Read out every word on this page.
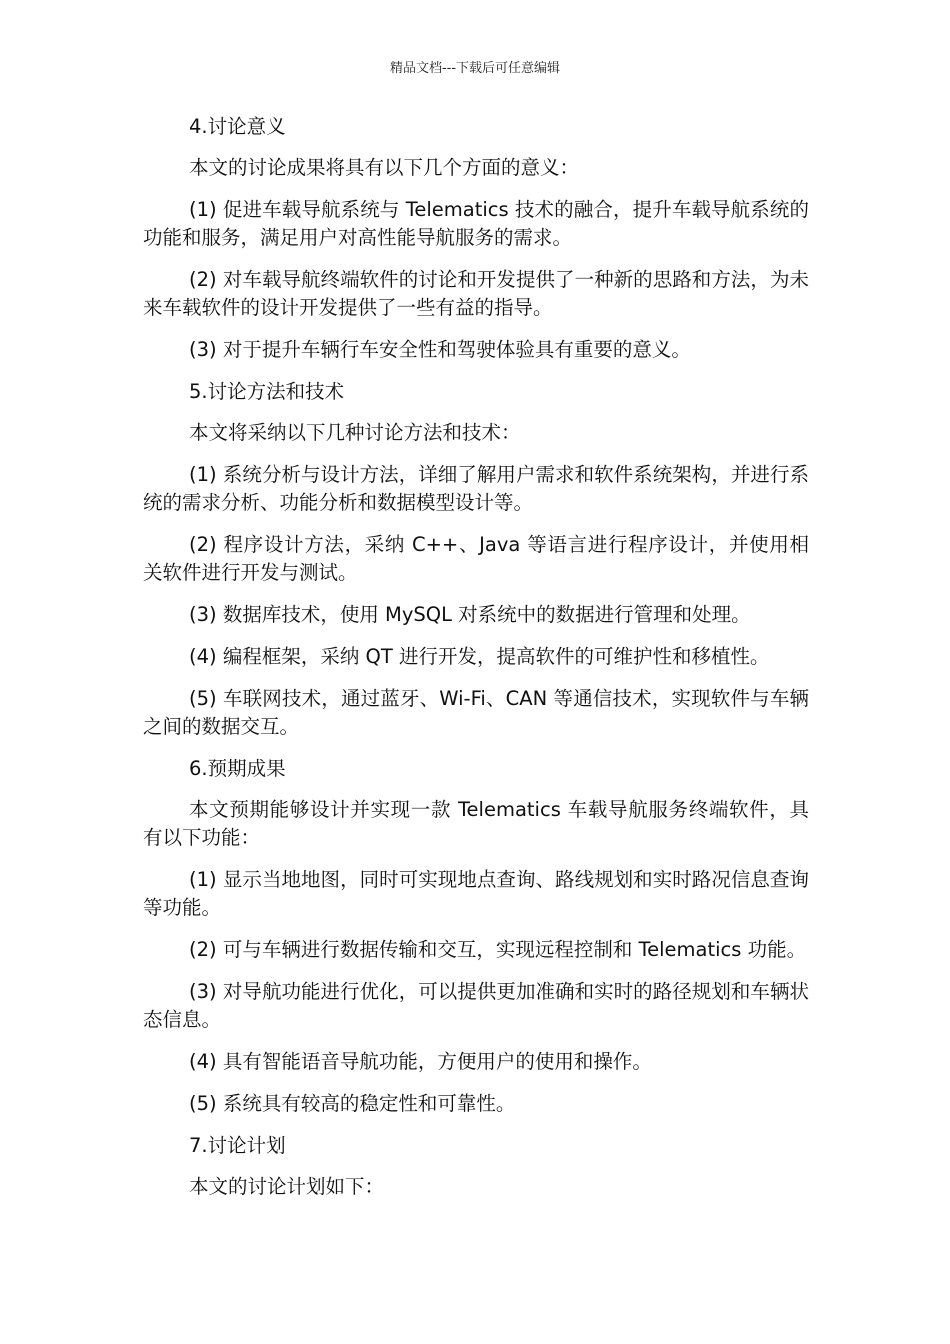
精品文档---下载后可任意编辑
4.讨论意义
本文的讨论成果将具有以下几个方面的意义：
(1) 促进车载导航系统与 Telematics 技术的融合，提升车载导航系统的功能和服务，满足用户对高性能导航服务的需求。
(2) 对车载导航终端软件的讨论和开发提供了一种新的思路和方法，为未来车载软件的设计开发提供了一些有益的指导。
(3) 对于提升车辆行车安全性和驾驶体验具有重要的意义。
5.讨论方法和技术
本文将采纳以下几种讨论方法和技术：
(1) 系统分析与设计方法，详细了解用户需求和软件系统架构，并进行系统的需求分析、功能分析和数据模型设计等。
(2) 程序设计方法，采纳 C++、Java 等语言进行程序设计，并使用相关软件进行开发与测试。
(3) 数据库技术，使用 MySQL 对系统中的数据进行管理和处理。
(4) 编程框架，采纳 QT 进行开发，提高软件的可维护性和移植性。
(5) 车联网技术，通过蓝牙、Wi-Fi、CAN 等通信技术，实现软件与车辆之间的数据交互。
6.预期成果
本文预期能够设计并实现一款 Telematics 车载导航服务终端软件，具有以下功能：
(1) 显示当地地图，同时可实现地点查询、路线规划和实时路况信息查询等功能。
(2) 可与车辆进行数据传输和交互，实现远程控制和 Telematics 功能。
(3) 对导航功能进行优化，可以提供更加准确和实时的路径规划和车辆状态信息。
(4) 具有智能语音导航功能，方便用户的使用和操作。
(5) 系统具有较高的稳定性和可靠性。
7.讨论计划
本文的讨论计划如下：
